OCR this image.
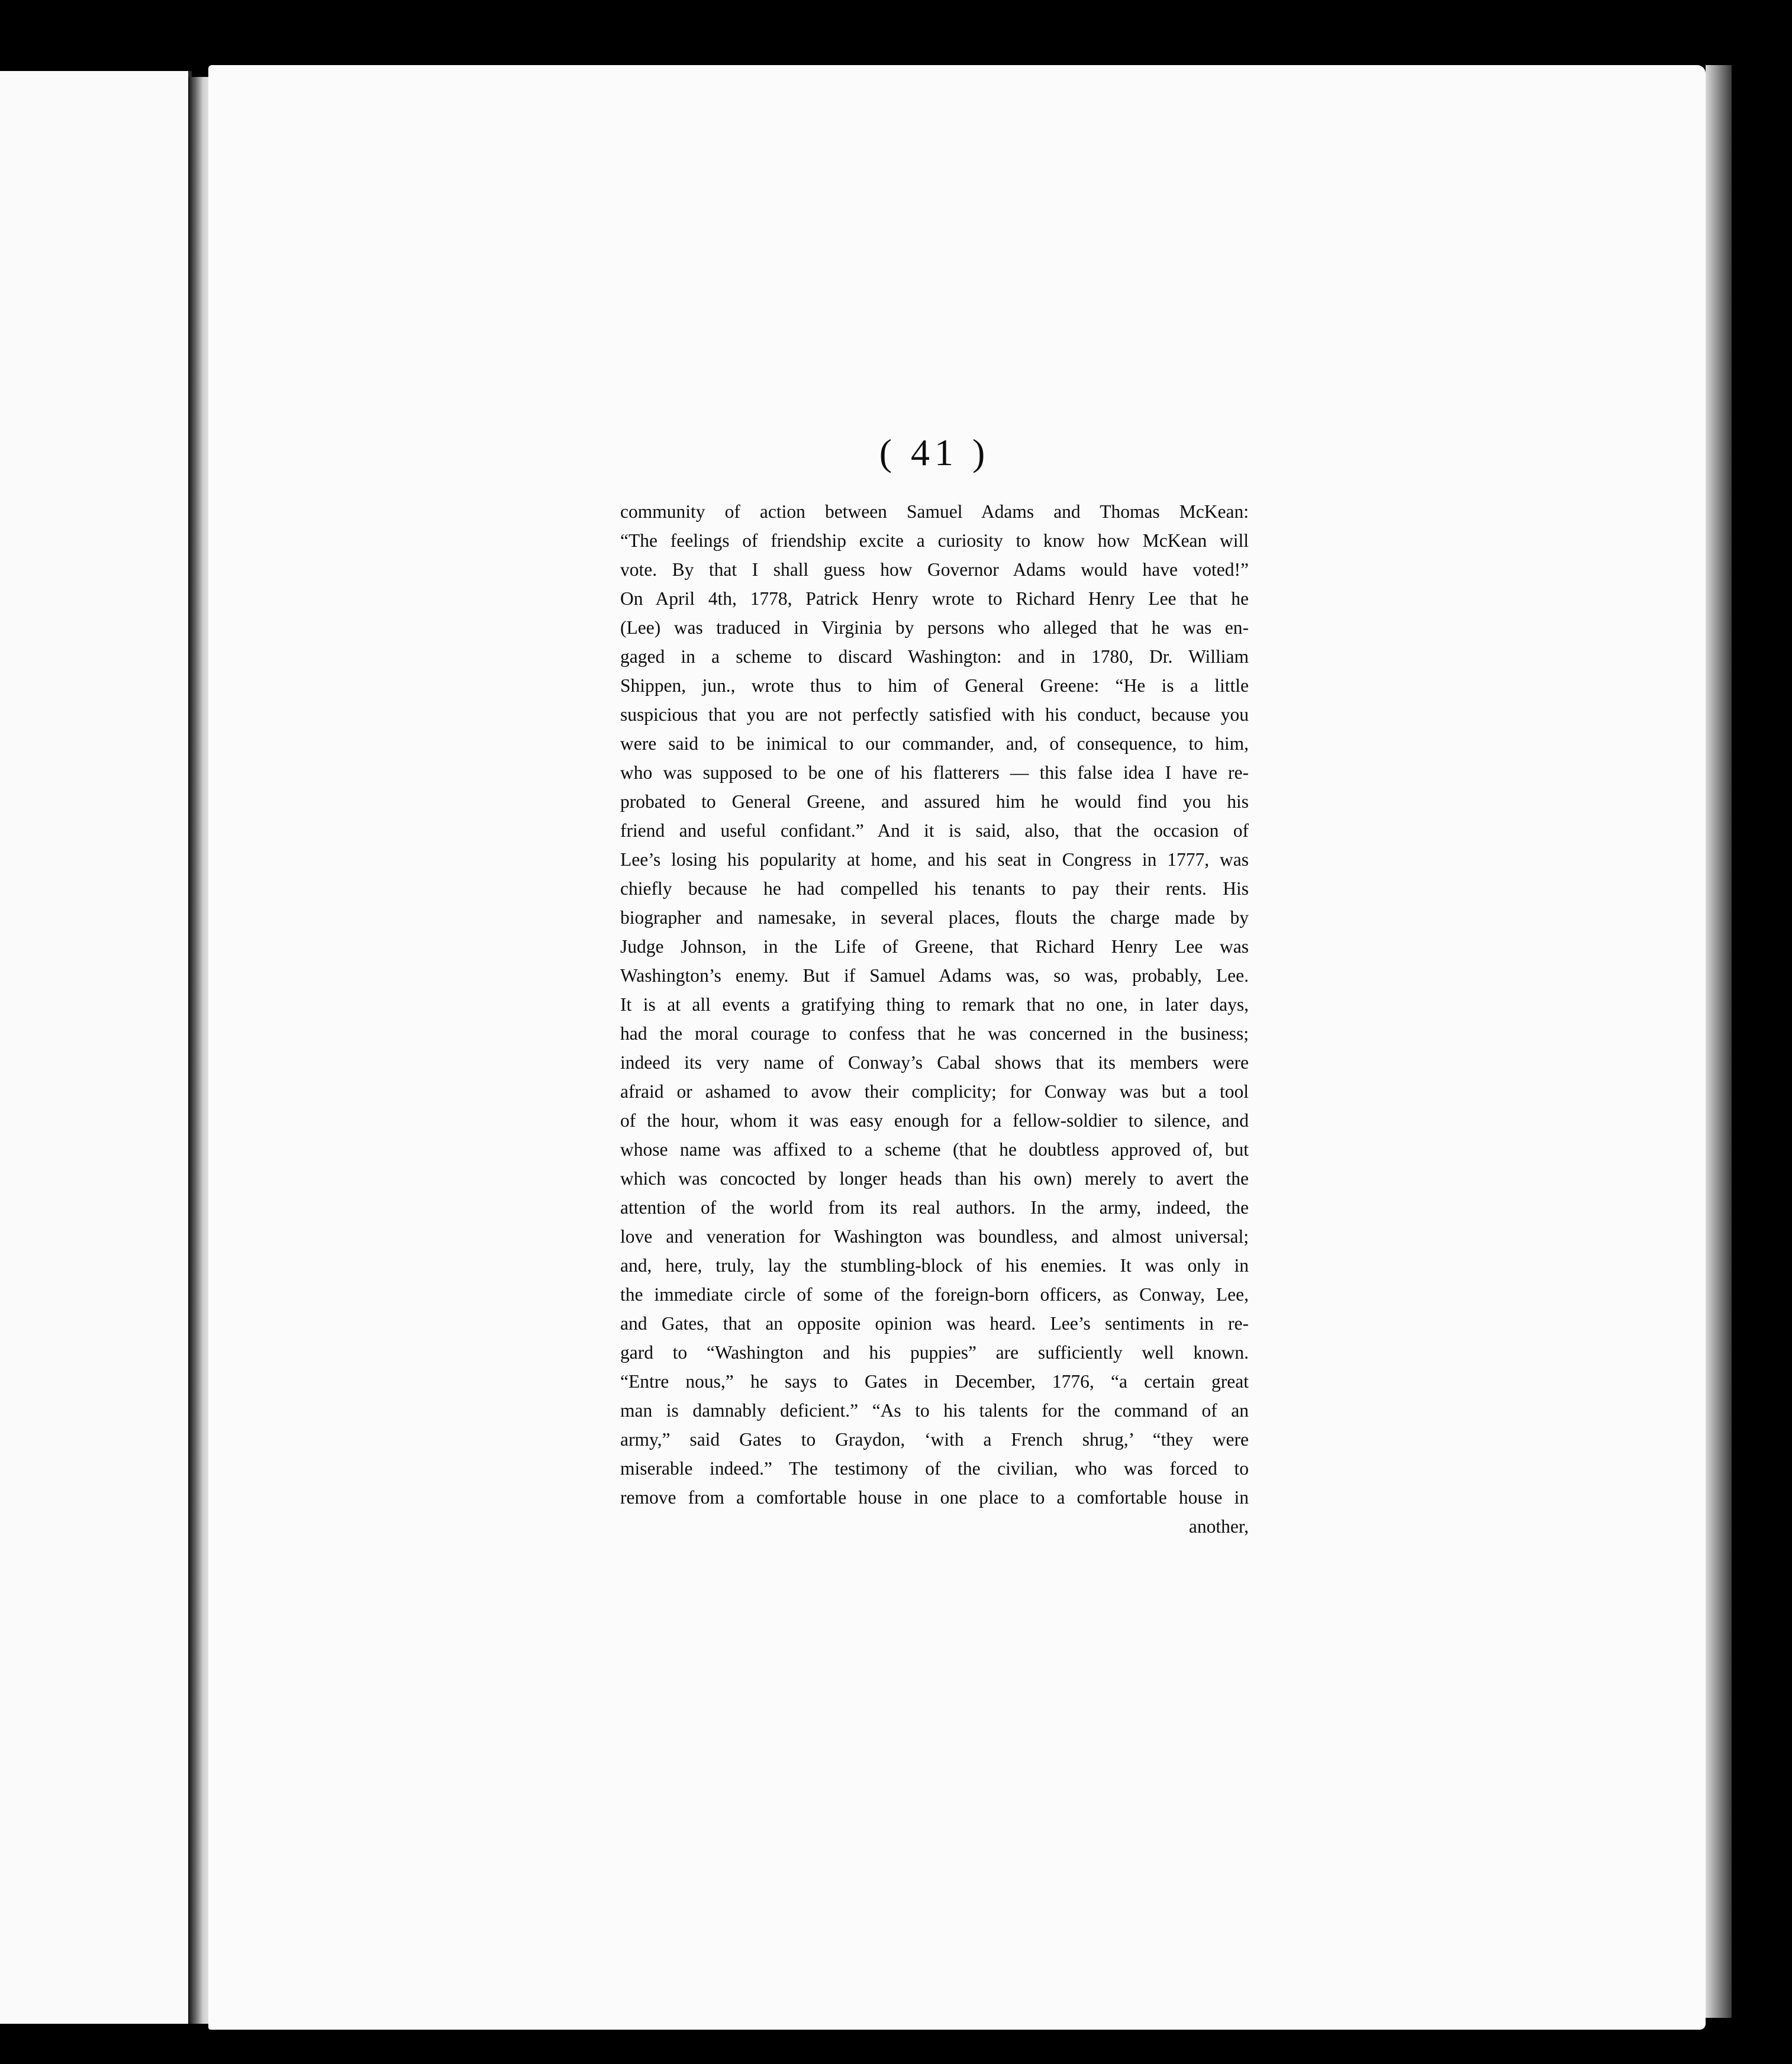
( 41 )
community of action between Samuel Adams and Thomas McKean:
“The feelings of friendship excite a curiosity to know how McKean will
vote. By that I shall guess how Governor Adams would have voted!”
On April 4th, 1778, Patrick Henry wrote to Richard Henry Lee that he
(Lee) was traduced in Virginia by persons who alleged that he was en-
gaged in a scheme to discard Washington: and in 1780, Dr. William
Shippen, jun., wrote thus to him of General Greene: “He is a little
suspicious that you are not perfectly satisfied with his conduct, because you
were said to be inimical to our commander, and, of consequence, to him,
who was supposed to be one of his flatterers — this false idea I have re-
probated to General Greene, and assured him he would find you his
friend and useful confidant.” And it is said, also, that the occasion of
Lee’s losing his popularity at home, and his seat in Congress in 1777, was
chiefly because he had compelled his tenants to pay their rents. His
biographer and namesake, in several places, flouts the charge made by
Judge Johnson, in the Life of Greene, that Richard Henry Lee was
Washington’s enemy. But if Samuel Adams was, so was, probably, Lee.
It is at all events a gratifying thing to remark that no one, in later days,
had the moral courage to confess that he was concerned in the business;
indeed its very name of Conway’s Cabal shows that its members were
afraid or ashamed to avow their complicity; for Conway was but a tool
of the hour, whom it was easy enough for a fellow-soldier to silence, and
whose name was affixed to a scheme (that he doubtless approved of, but
which was concocted by longer heads than his own) merely to avert the
attention of the world from its real authors. In the army, indeed, the
love and veneration for Washington was boundless, and almost universal;
and, here, truly, lay the stumbling-block of his enemies. It was only in
the immediate circle of some of the foreign-born officers, as Conway, Lee,
and Gates, that an opposite opinion was heard. Lee’s sentiments in re-
gard to “Washington and his puppies” are sufficiently well known.
“Entre nous,” he says to Gates in December, 1776, “a certain great
man is damnably deficient.” “As to his talents for the command of an
army,” said Gates to Graydon, ‘with a French shrug,’ “they were
miserable indeed.” The testimony of the civilian, who was forced to
remove from a comfortable house in one place to a comfortable house in
another,
